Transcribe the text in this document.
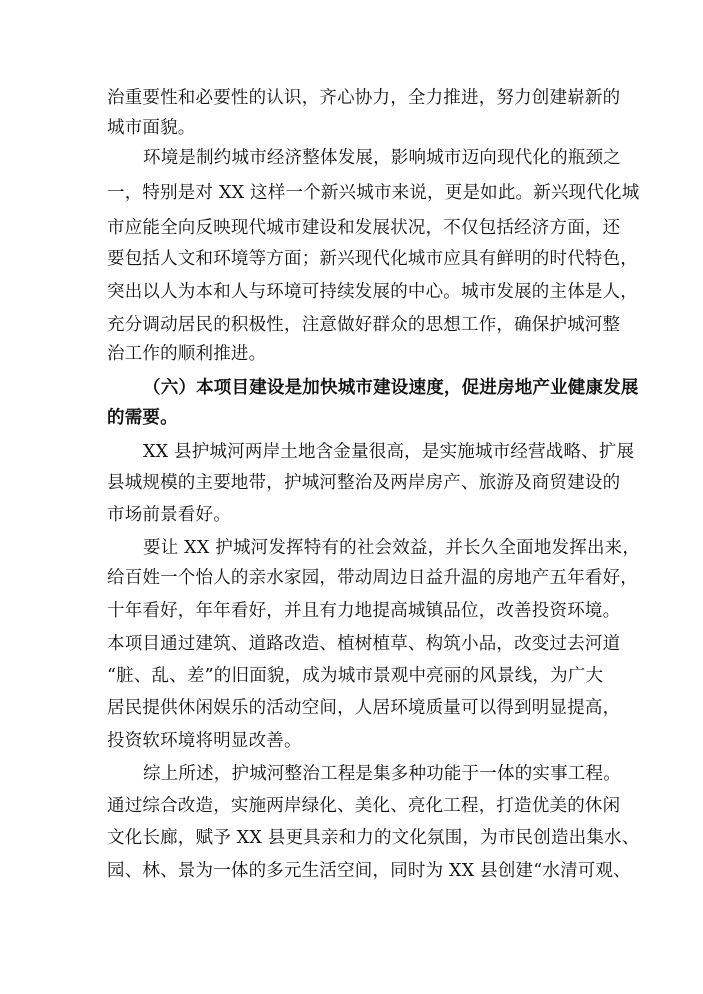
治重要性和必要性的认识，齐心协力，全力推进，努力创建崭新的
城市面貌。
环境是制约城市经济整体发展，影响城市迈向现代化的瓶颈之
一，特别是对 XX 这样一个新兴城市来说，更是如此。新兴现代化城
市应能全向反映现代城市建设和发展状况，不仅包括经济方面，还
要包括人文和环境等方面；新兴现代化城市应具有鲜明的时代特色，
突出以人为本和人与环境可持续发展的中心。城市发展的主体是人，
充分调动居民的积极性，注意做好群众的思想工作，确保护城河整
治工作的顺利推进。
（六）本项目建设是加快城市建设速度，促进房地产业健康发展
的需要。
XX 县护城河两岸土地含金量很高，是实施城市经营战略、扩展
县城规模的主要地带，护城河整治及两岸房产、旅游及商贸建设的
市场前景看好。
要让 XX 护城河发挥特有的社会效益，并长久全面地发挥出来，
给百姓一个怡人的亲水家园，带动周边日益升温的房地产五年看好，
十年看好，年年看好，并且有力地提高城镇品位，改善投资环境。
本项目通过建筑、道路改造、植树植草、构筑小品，改变过去河道
“脏、乱、差”的旧面貌，成为城市景观中亮丽的风景线，为广大
居民提供休闲娱乐的活动空间，人居环境质量可以得到明显提高，
投资软环境将明显改善。
综上所述，护城河整治工程是集多种功能于一体的实事工程。
通过综合改造，实施两岸绿化、美化、亮化工程，打造优美的休闲
文化长廊，赋予 XX 县更具亲和力的文化氛围，为市民创造出集水、
园、林、景为一体的多元生活空间，同时为 XX 县创建“水清可观、
